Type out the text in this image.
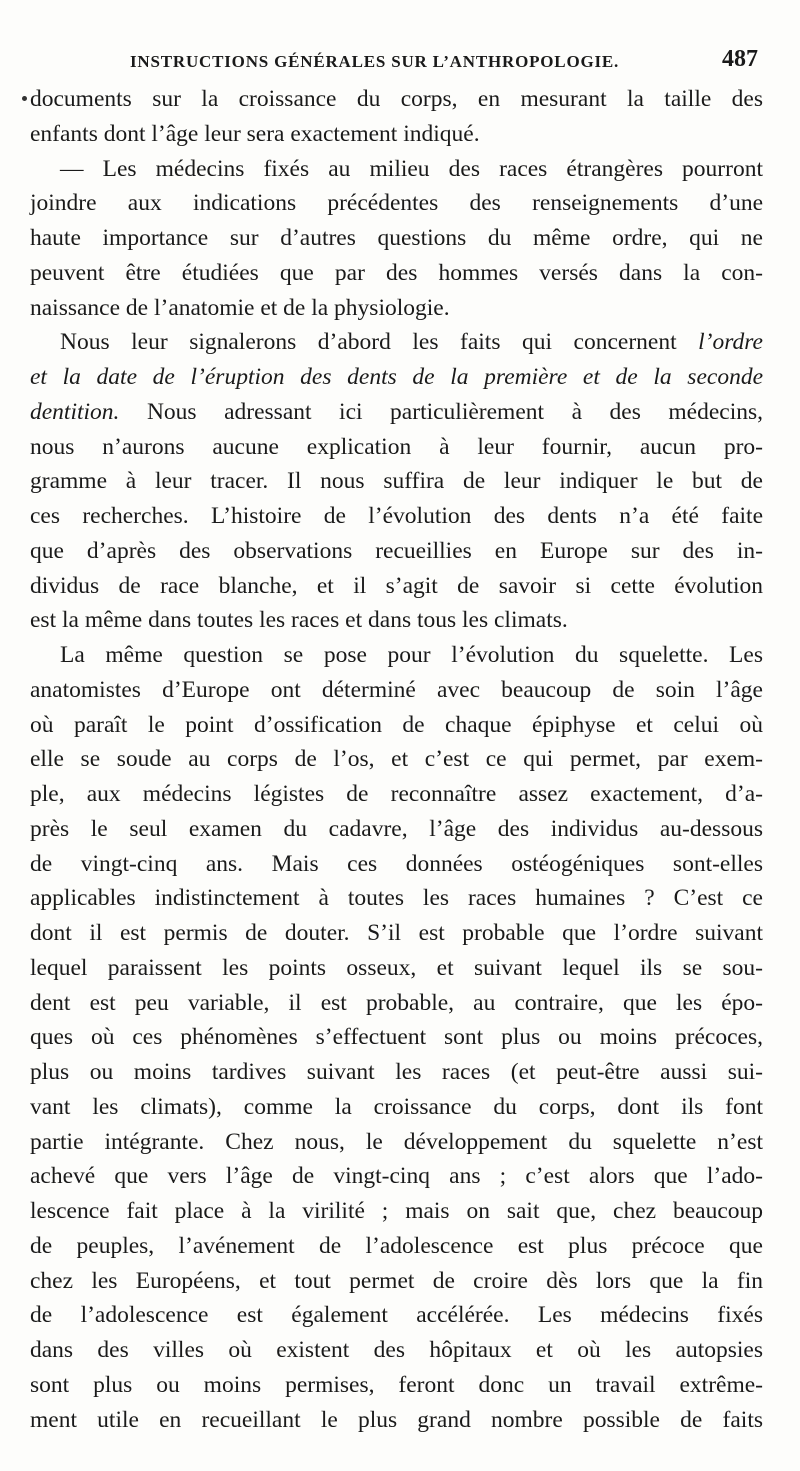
INSTRUCTIONS GÉNÉRALES SUR L’ANTHROPOLOGIE.	487
documents sur la croissance du corps, en mesurant la taille des
enfants dont l’âge leur sera exactement indiqué.
— Les médecins fixés au milieu des races étrangères pourront
joindre aux indications précédentes des renseignements d’une
haute importance sur d’autres questions du même ordre, qui ne
peuvent être étudiées que par des hommes versés dans la con-
naissance de l’anatomie et de la physiologie.
Nous leur signalerons d’abord les faits qui concernent l’ordre
et la date de l’éruption des dents de la première et de la seconde
dentition. Nous adressant ici particulièrement à des médecins,
nous n’aurons aucune explication à leur fournir, aucun pro-
gramme à leur tracer. Il nous suffira de leur indiquer le but de
ces recherches. L’histoire de l’évolution des dents n’a été faite
que d’après des observations recueillies en Europe sur des in-
dividus de race blanche, et il s’agit de savoir si cette évolution
est la même dans toutes les races et dans tous les climats.
La même question se pose pour l’évolution du squelette. Les
anatomistes d’Europe ont déterminé avec beaucoup de soin l’âge
où paraît le point d’ossification de chaque épiphyse et celui où
elle se soude au corps de l’os, et c’est ce qui permet, par exem-
ple, aux médecins légistes de reconnaître assez exactement, d’a-
près le seul examen du cadavre, l’âge des individus au-dessous
de vingt-cinq ans. Mais ces données ostéogéniques sont-elles
applicables indistinctement à toutes les races humaines ? C’est ce
dont il est permis de douter. S’il est probable que l’ordre suivant
lequel paraissent les points osseux, et suivant lequel ils se sou-
dent est peu variable, il est probable, au contraire, que les épo-
ques où ces phénomènes s’effectuent sont plus ou moins précoces,
plus ou moins tardives suivant les races (et peut-être aussi sui-
vant les climats), comme la croissance du corps, dont ils font
partie intégrante. Chez nous, le développement du squelette n’est
achevé que vers l’âge de vingt-cinq ans ; c’est alors que l’ado-
lescence fait place à la virilité ; mais on sait que, chez beaucoup
de peuples, l’avénement de l’adolescence est plus précoce que
chez les Européens, et tout permet de croire dès lors que la fin
de l’adolescence est également accélérée. Les médecins fixés
dans des villes où existent des hôpitaux et où les autopsies
sont plus ou moins permises, feront donc un travail extrême-
ment utile en recueillant le plus grand nombre possible de faits
